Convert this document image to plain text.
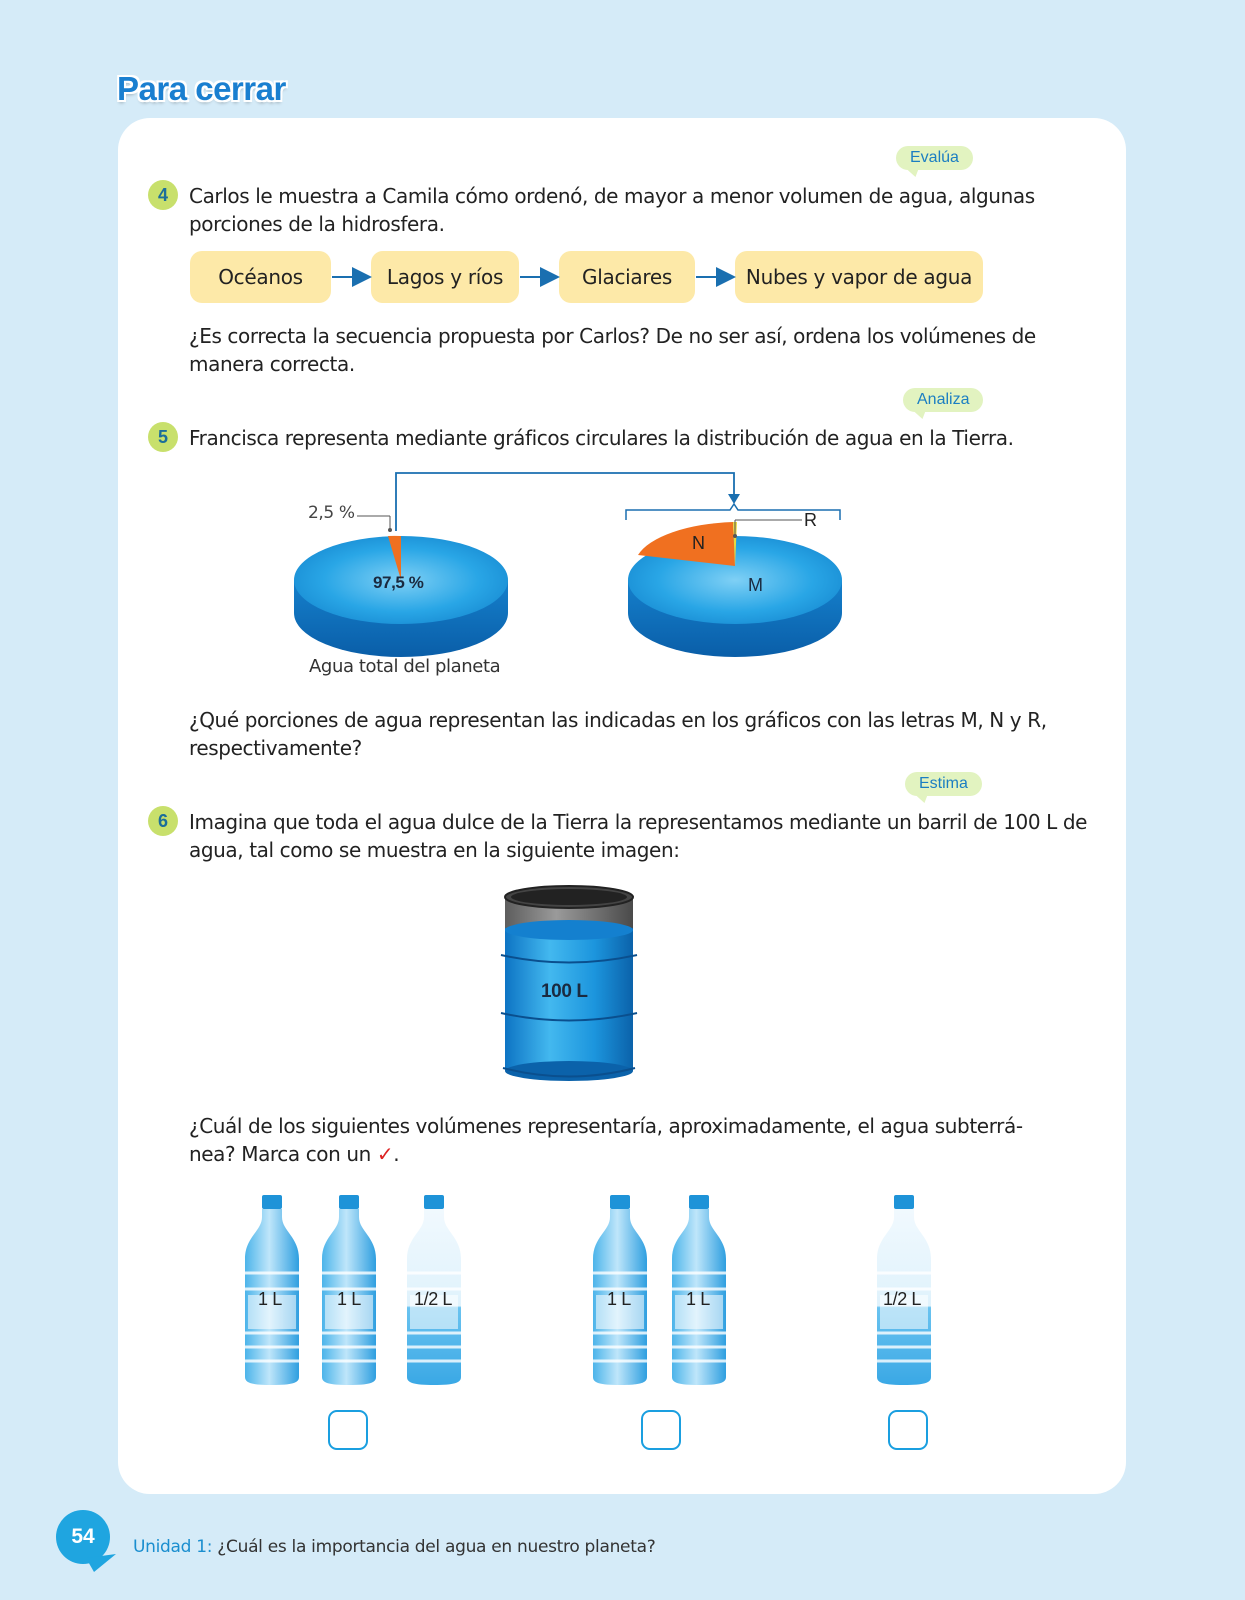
Para cerrar
Evalúa
4	Carlos le muestra a Camila cómo ordenó, de mayor a menor volumen de agua, algunas
porciones de la hidrosfera.
Océanos	Lagos y ríos	Glaciares	Nubes y vapor de agua
¿Es correcta la secuencia propuesta por Carlos? De no ser así, ordena los volúmenes de
manera correcta.
Analiza
5	Francisca representa mediante gráficos circulares la distribución de agua en la Tierra.
2,5 %
97,5 %
Agua total del planeta
N
M
R
¿Qué porciones de agua representan las indicadas en los gráficos con las letras M, N y R,
respectivamente?
Estima
6	Imagina que toda el agua dulce de la Tierra la representamos mediante un barril de 100 L de
agua, tal como se muestra en la siguiente imagen:
100 L
¿Cuál de los siguientes volúmenes representaría, aproximadamente, el agua subterrá-
nea? Marca con un ✓.
1 L	1 L	1/2 L	1 L	1 L	1/2 L
54	Unidad 1: ¿Cuál es la importancia del agua en nuestro planeta?
